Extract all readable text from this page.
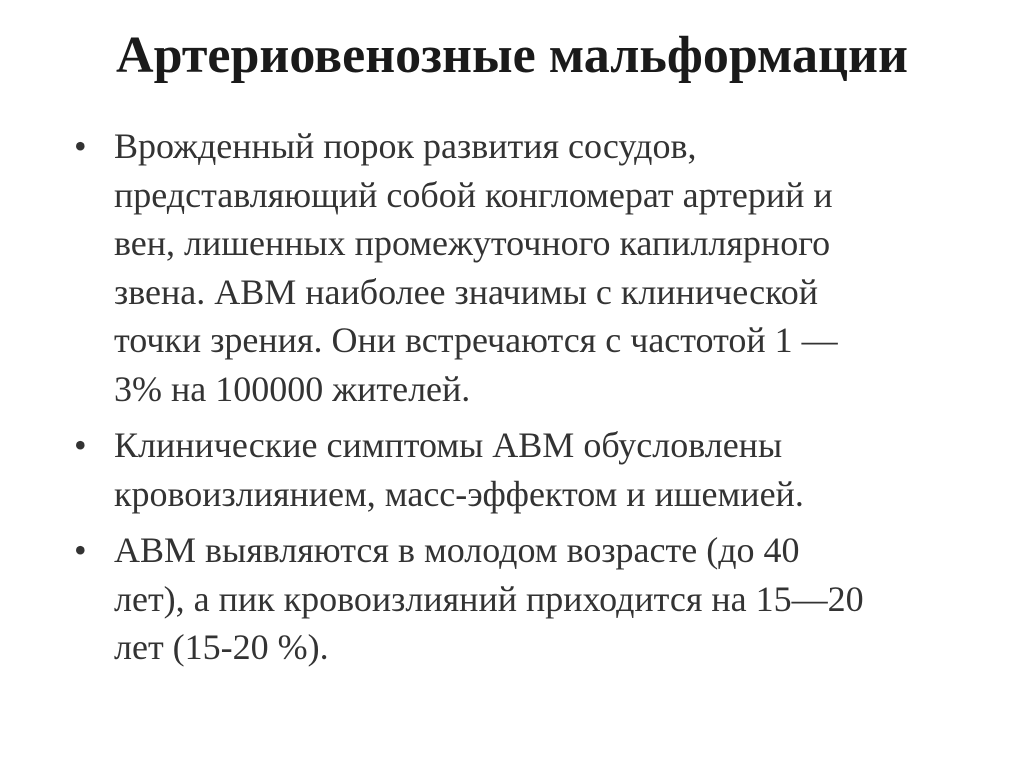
Артериовенозные мальформации
• Врожденный порок развития сосудов,
представляющий собой конгломерат артерий и
вен, лишенных промежуточного капиллярного
звена. АВМ наиболее значимы с клинической
точки зрения. Они встречаются с частотой 1 —
3% на 100000 жителей.
• Клинические симптомы АВМ обусловлены
кровоизлиянием, масс-эффектом и ишемией.
• АВМ выявляются в молодом возрасте (до 40
лет), а пик кровоизлияний приходится на 15—20
лет (15-20 %).
